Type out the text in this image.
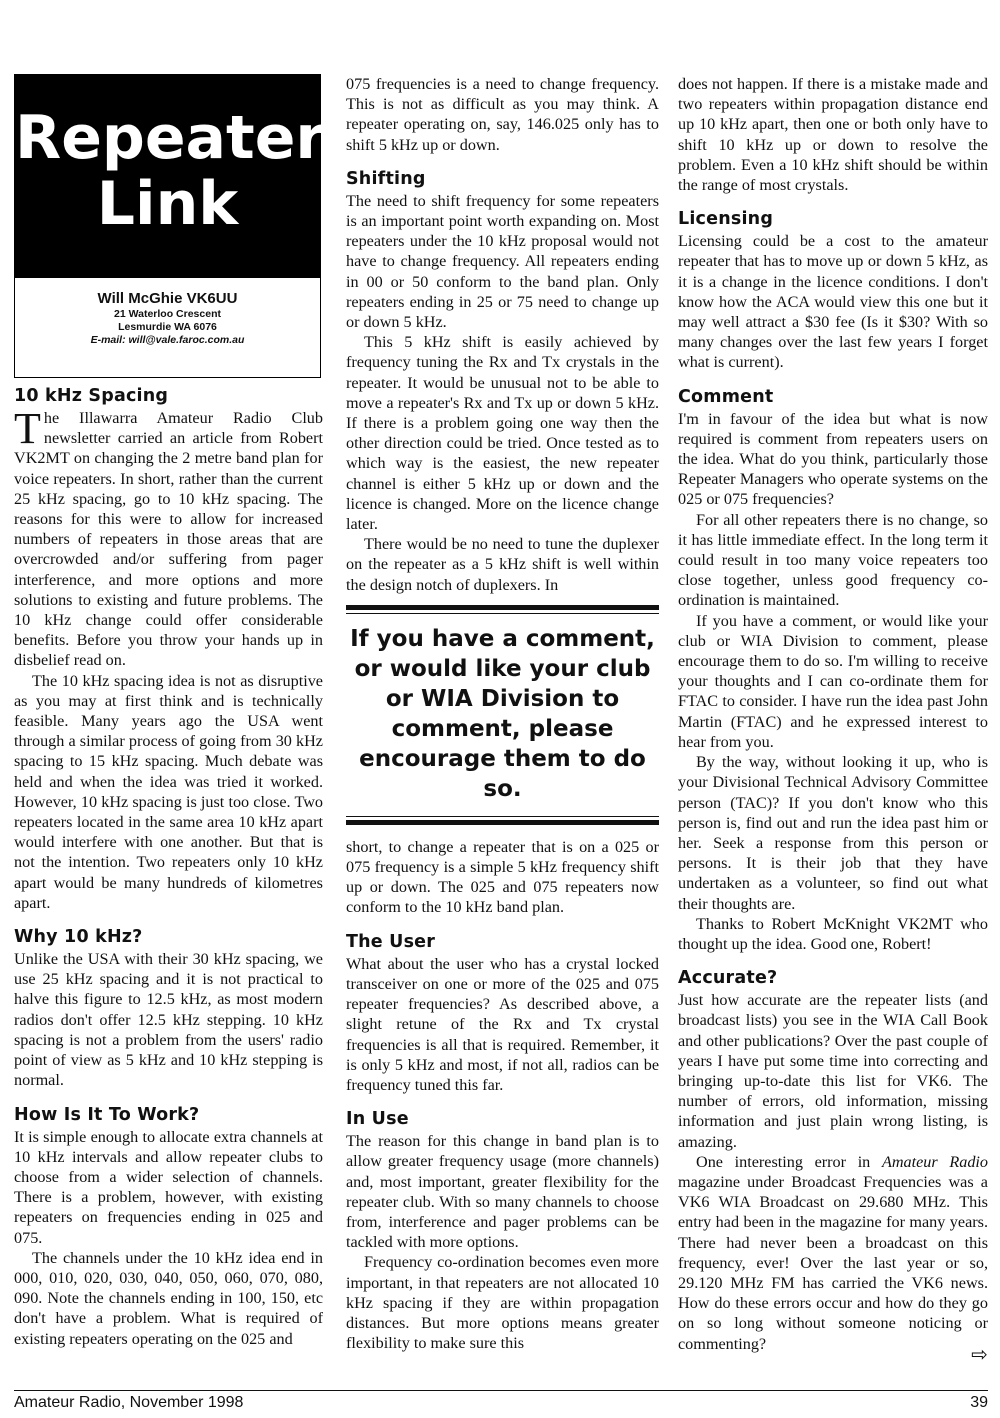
Repeater
Link
Will McGhie VK6UU
21 Waterloo Crescent
Lesmurdie WA 6076
E-mail: will@vale.faroc.com.au
10 kHz Spacing

The Illawarra Amateur Radio Club newsletter carried an article from Robert VK2MT on changing the 2 metre band plan for voice repeaters. In short, rather than the current 25 kHz spacing, go to 10 kHz spacing. The reasons for this were to allow for increased numbers of repeaters in those areas that are overcrowded and/or suffering from pager interference, and more options and more solutions to existing and future problems. The 10 kHz change could offer considerable benefits. Before you throw your hands up in disbelief read on.

The 10 kHz spacing idea is not as disruptive as you may at first think and is technically feasible. Many years ago the USA went through a similar process of going from 30 kHz spacing to 15 kHz spacing. Much debate was held and when the idea was tried it worked. However, 10 kHz spacing is just too close. Two repeaters located in the same area 10 kHz apart would interfere with one another. But that is not the intention. Two repeaters only 10 kHz apart would be many hundreds of kilometres apart.

Why 10 kHz?

Unlike the USA with their 30 kHz spacing, we use 25 kHz spacing and it is not practical to halve this figure to 12.5 kHz, as most modern radios don't offer 12.5 kHz stepping. 10 kHz spacing is not a problem from the users' radio point of view as 5 kHz and 10 kHz stepping is normal.

How Is It To Work?

It is simple enough to allocate extra channels at 10 kHz intervals and allow repeater clubs to choose from a wider selection of channels. There is a problem, however, with existing repeaters on frequencies ending in 025 and 075.

The channels under the 10 kHz idea end in 000, 010, 020, 030, 040, 050, 060, 070, 080, 090. Note the channels ending in 100, 150, etc don't have a problem. What is required of existing repeaters operating on the 025 and

075 frequencies is a need to change frequency. This is not as difficult as you may think. A repeater operating on, say, 146.025 only has to shift 5 kHz up or down.

Shifting

The need to shift frequency for some repeaters is an important point worth expanding on. Most repeaters under the 10 kHz proposal would not have to change frequency. All repeaters ending in 00 or 50 conform to the band plan. Only repeaters ending in 25 or 75 need to change up or down 5 kHz.

This 5 kHz shift is easily achieved by frequency tuning the Rx and Tx crystals in the repeater. It would be unusual not to be able to move a repeater's Rx and Tx up or down 5 kHz. If there is a problem going one way then the other direction could be tried. Once tested as to which way is the easiest, the new repeater channel is either 5 kHz up or down and the licence is changed. More on the licence change later.

There would be no need to tune the duplexer on the repeater as a 5 kHz shift is well within the design notch of duplexers. In

If you have a comment, or would like your club or WIA Division to comment, please encourage them to do so.

short, to change a repeater that is on a 025 or 075 frequency is a simple 5 kHz frequency shift up or down. The 025 and 075 repeaters now conform to the 10 kHz band plan.

The User

What about the user who has a crystal locked transceiver on one or more of the 025 and 075 repeater frequencies? As described above, a slight retune of the Rx and Tx crystal frequencies is all that is required. Remember, it is only 5 kHz and most, if not all, radios can be frequency tuned this far.

In Use

The reason for this change in band plan is to allow greater frequency usage (more channels) and, most important, greater flexibility for the repeater club. With so many channels to choose from, interference and pager problems can be tackled with more options.

Frequency co-ordination becomes even more important, in that repeaters are not allocated 10 kHz spacing if they are within propagation distances. But more options means greater flexibility to make sure this

does not happen. If there is a mistake made and two repeaters within propagation distance end up 10 kHz apart, then one or both only have to shift 10 kHz up or down to resolve the problem. Even a 10 kHz shift should be within the range of most crystals.

Licensing

Licensing could be a cost to the amateur repeater that has to move up or down 5 kHz, as it is a change in the licence conditions. I don't know how the ACA would view this one but it may well attract a $30 fee (Is it $30? With so many changes over the last few years I forget what is current).

Comment

I'm in favour of the idea but what is now required is comment from repeaters users on the idea. What do you think, particularly those Repeater Managers who operate systems on the 025 or 075 frequencies?

For all other repeaters there is no change, so it has little immediate effect. In the long term it could result in too many voice repeaters too close together, unless good frequency co-ordination is maintained.

If you have a comment, or would like your club or WIA Division to comment, please encourage them to do so. I'm willing to receive your thoughts and I can co-ordinate them for FTAC to consider. I have run the idea past John Martin (FTAC) and he expressed interest to hear from you.

By the way, without looking it up, who is your Divisional Technical Advisory Committee person (TAC)? If you don't know who this person is, find out and run the idea past him or her. Seek a response from this person or persons. It is their job that they have undertaken as a volunteer, so find out what their thoughts are.

Thanks to Robert McKnight VK2MT who thought up the idea. Good one, Robert!

Accurate?

Just how accurate are the repeater lists (and broadcast lists) you see in the WIA Call Book and other publications? Over the past couple of years I have put some time into correcting and bringing up-to-date this list for VK6. The number of errors, old information, missing information and just plain wrong listing, is amazing.

One interesting error in Amateur Radio magazine under Broadcast Frequencies was a VK6 WIA Broadcast on 29.680 MHz. This entry had been in the magazine for many years. There had never been a broadcast on this frequency, ever! Over the last year or so, 29.120 MHz FM has carried the VK6 news. How do these errors occur and how do they go on so long without someone noticing or commenting?	⇨
Amateur Radio, November 1998	39
